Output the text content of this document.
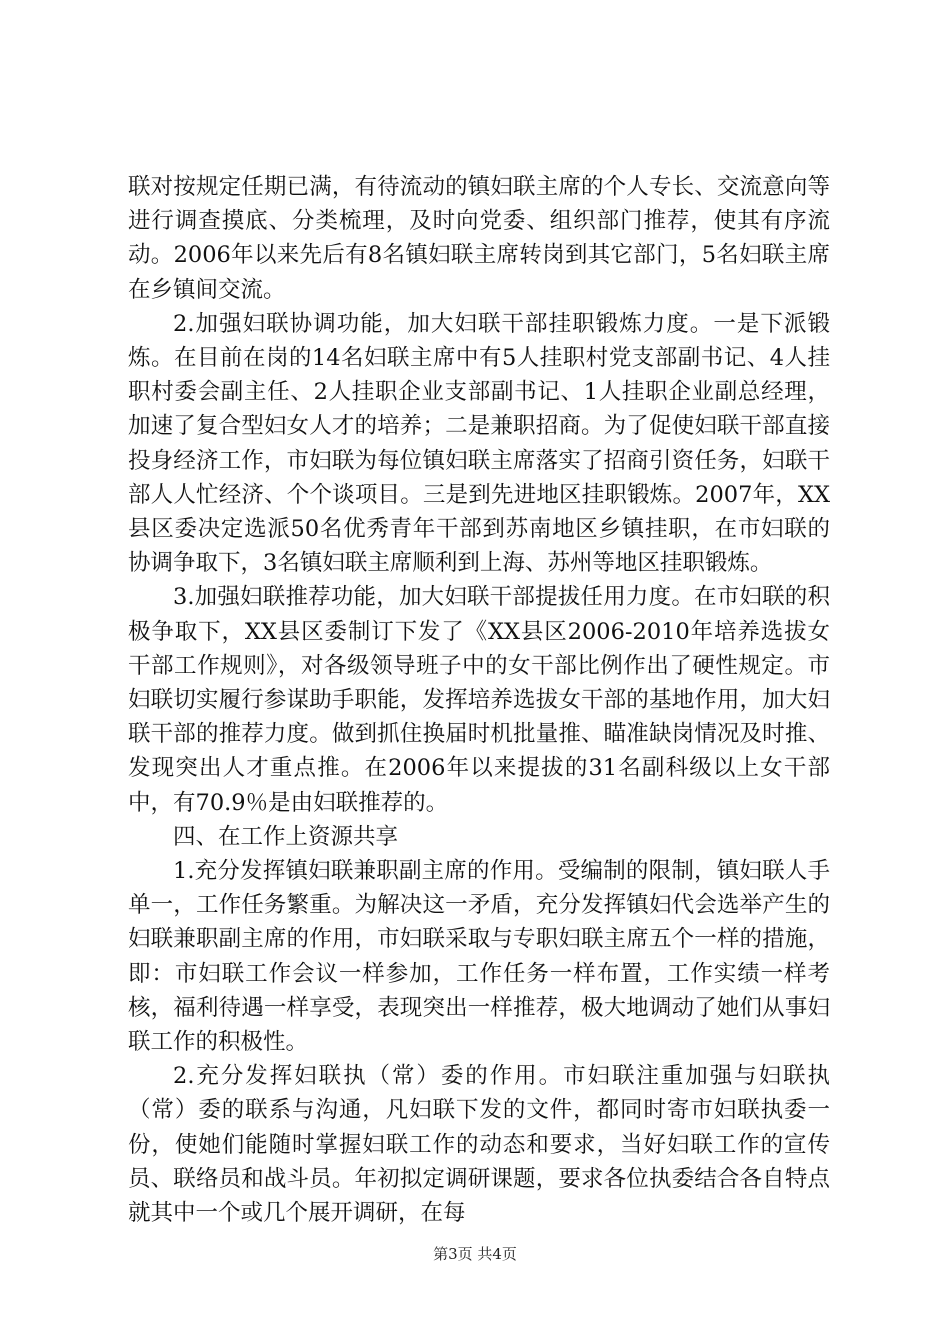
联对按规定任期已满，有待流动的镇妇联主席的个人专长、交流意向等进行调查摸底、分类梳理，及时向党委、组织部门推荐，使其有序流动。2006年以来先后有8名镇妇联主席转岗到其它部门，5名妇联主席在乡镇间交流。

2.加强妇联协调功能，加大妇联干部挂职锻炼力度。一是下派锻炼。在目前在岗的14名妇联主席中有5人挂职村党支部副书记、4人挂职村委会副主任、2人挂职企业支部副书记、1人挂职企业副总经理，加速了复合型妇女人才的培养；二是兼职招商。为了促使妇联干部直接投身经济工作，市妇联为每位镇妇联主席落实了招商引资任务，妇联干部人人忙经济、个个谈项目。三是到先进地区挂职锻炼。2007年，XX县区委决定选派50名优秀青年干部到苏南地区乡镇挂职，在市妇联的协调争取下，3名镇妇联主席顺利到上海、苏州等地区挂职锻炼。

3.加强妇联推荐功能，加大妇联干部提拔任用力度。在市妇联的积极争取下，XX县区委制订下发了《XX县区2006-2010年培养选拔女干部工作规则》，对各级领导班子中的女干部比例作出了硬性规定。市妇联切实履行参谋助手职能，发挥培养选拔女干部的基地作用，加大妇联干部的推荐力度。做到抓住换届时机批量推、瞄准缺岗情况及时推、发现突出人才重点推。在2006年以来提拔的31名副科级以上女干部中，有70.9％是由妇联推荐的。

四、在工作上资源共享

1.充分发挥镇妇联兼职副主席的作用。受编制的限制，镇妇联人手单一，工作任务繁重。为解决这一矛盾，充分发挥镇妇代会选举产生的妇联兼职副主席的作用，市妇联采取与专职妇联主席五个一样的措施，即：市妇联工作会议一样参加，工作任务一样布置，工作实绩一样考核，福利待遇一样享受，表现突出一样推荐，极大地调动了她们从事妇联工作的积极性。

2.充分发挥妇联执（常）委的作用。市妇联注重加强与妇联执（常）委的联系与沟通，凡妇联下发的文件，都同时寄市妇联执委一份，使她们能随时掌握妇联工作的动态和要求，当好妇联工作的宣传员、联络员和战斗员。年初拟定调研课题，要求各位执委结合各自特点就其中一个或几个展开调研，在每

第3页 共4页
